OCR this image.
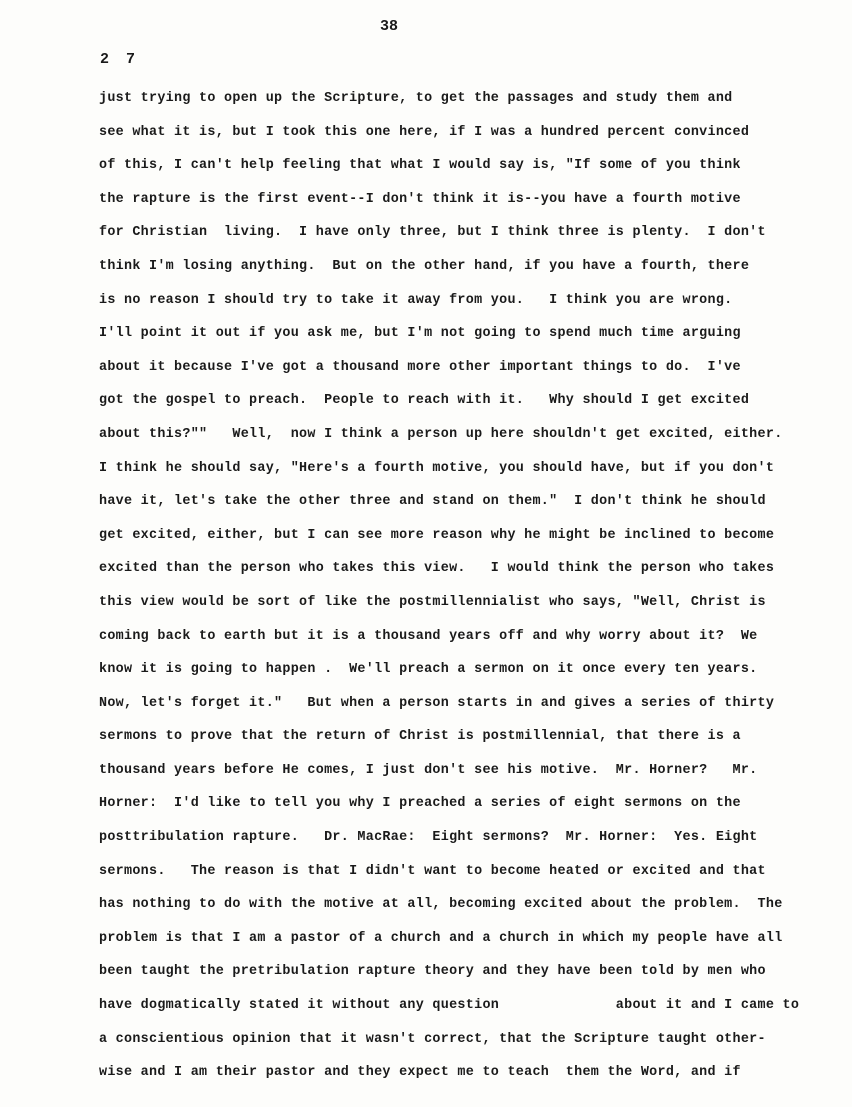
38
2 7
just trying to open up the Scripture, to get the passages and study them and
see what it is, but I took this one here, if I was a hundred percent convinced
of this, I can't help feeling that what I would say is, "If some of you think
the rapture is the first event--I don't think it is--you have a fourth motive
for Christian  living.  I have only three, but I think three is plenty.  I don't
think I'm losing anything.  But on the other hand, if you have a fourth, there
is no reason I should try to take it away from you.   I think you are wrong.
I'll point it out if you ask me, but I'm not going to spend much time arguing
about it because I've got a thousand more other important things to do.  I've
got the gospel to preach.  People to reach with it.   Why should I get excited
about this?""   Well,  now I think a person up here shouldn't get excited, either.
I think he should say, "Here's a fourth motive, you should have, but if you don't
have it, let's take the other three and stand on them."  I don't think he should
get excited, either, but I can see more reason why he might be inclined to become
excited than the person who takes this view.   I would think the person who takes
this view would be sort of like the postmillennialist who says, "Well, Christ is
coming back to earth but it is a thousand years off and why worry about it?  We
know it is going to happen .  We'll preach a sermon on it once every ten years.
Now, let's forget it."   But when a person starts in and gives a series of thirty
sermons to prove that the return of Christ is postmillennial, that there is a
thousand years before He comes, I just don't see his motive.  Mr. Horner?   Mr.
Horner:  I'd like to tell you why I preached a series of eight sermons on the
posttribulation rapture.   Dr. MacRae:  Eight sermons?  Mr. Horner:  Yes. Eight
sermons.   The reason is that I didn't want to become heated or excited and that
has nothing to do with the motive at all, becoming excited about the problem.  The
problem is that I am a pastor of a church and a church in which my people have all
been taught the pretribulation rapture theory and they have been told by men who
have dogmatically stated it without any question              about it and I came to
a conscientious opinion that it wasn't correct, that the Scripture taught other-
wise and I am their pastor and they expect me to teach  them the Word, and if
